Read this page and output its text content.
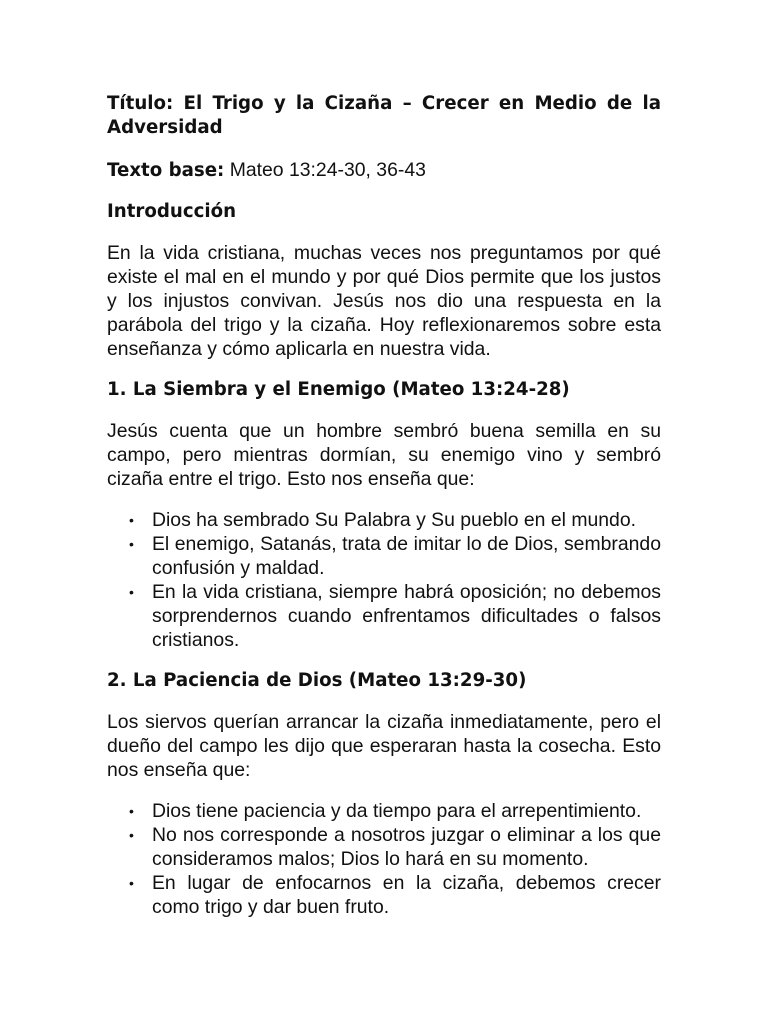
Título: El Trigo y la Cizaña – Crecer en Medio de la Adversidad

Texto base: Mateo 13:24-30, 36-43

Introducción

En la vida cristiana, muchas veces nos preguntamos por qué existe el mal en el mundo y por qué Dios permite que los justos y los injustos convivan. Jesús nos dio una respuesta en la parábola del trigo y la cizaña. Hoy reflexionaremos sobre esta enseñanza y cómo aplicarla en nuestra vida.

1. La Siembra y el Enemigo (Mateo 13:24-28)

Jesús cuenta que un hombre sembró buena semilla en su campo, pero mientras dormían, su enemigo vino y sembró cizaña entre el trigo. Esto nos enseña que:

• Dios ha sembrado Su Palabra y Su pueblo en el mundo.
• El enemigo, Satanás, trata de imitar lo de Dios, sembrando confusión y maldad.
• En la vida cristiana, siempre habrá oposición; no debemos sorprendernos cuando enfrentamos dificultades o falsos cristianos.

2. La Paciencia de Dios (Mateo 13:29-30)

Los siervos querían arrancar la cizaña inmediatamente, pero el dueño del campo les dijo que esperaran hasta la cosecha. Esto nos enseña que:

• Dios tiene paciencia y da tiempo para el arrepentimiento.
• No nos corresponde a nosotros juzgar o eliminar a los que consideramos malos; Dios lo hará en su momento.
• En lugar de enfocarnos en la cizaña, debemos crecer como trigo y dar buen fruto.
